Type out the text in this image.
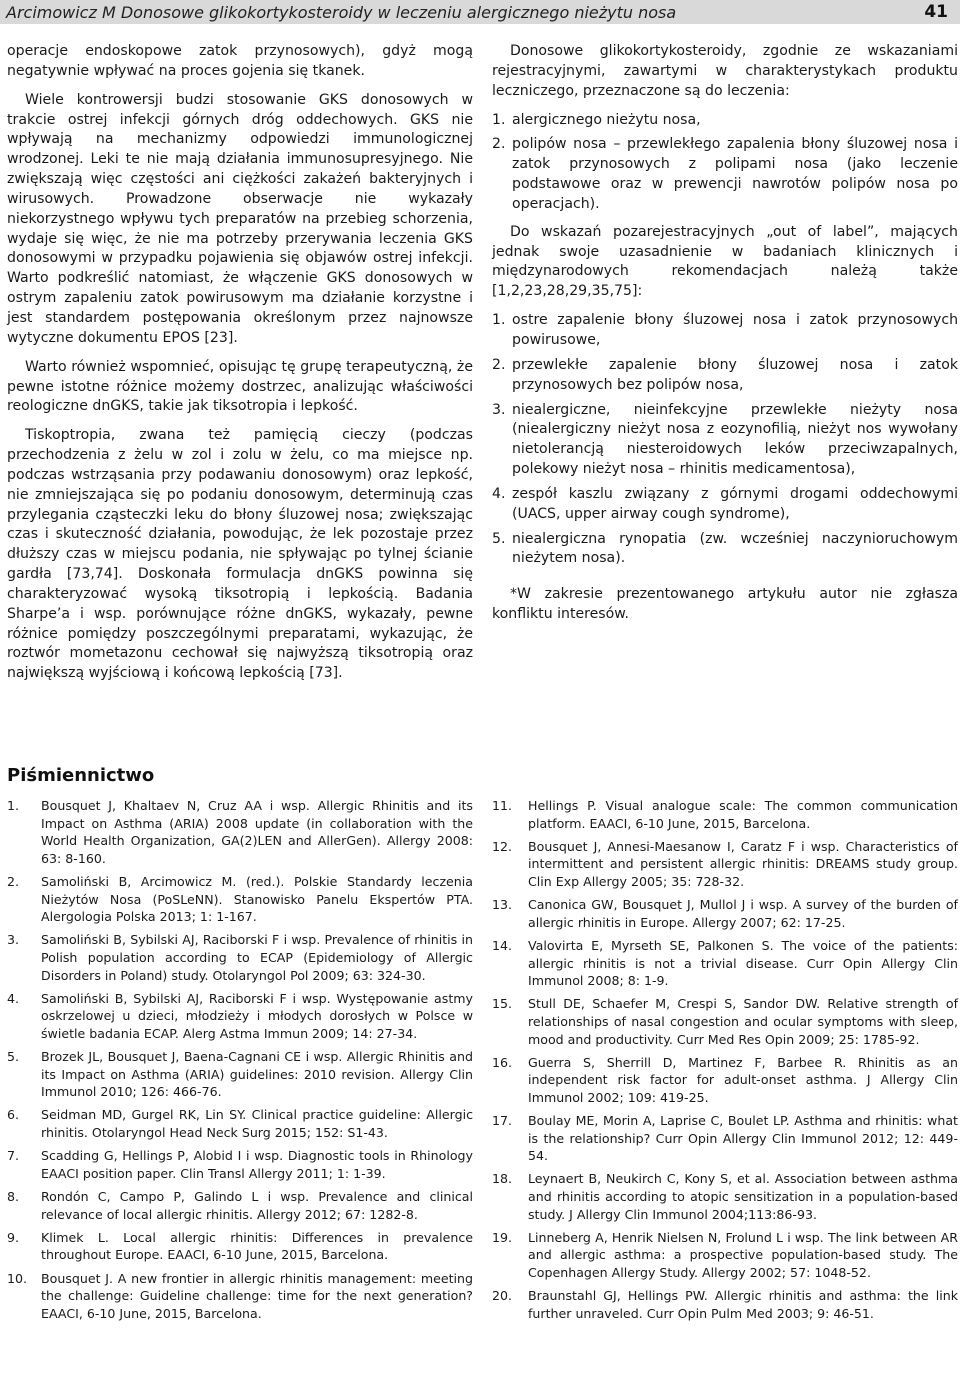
Arcimowicz M Donosowe glikokortykosteroidy w leczeniu alergicznego nieżytu nosa	41

operacje endoskopowe zatok przynosowych), gdyż mogą negatywnie wpływać na proces gojenia się tkanek.

Wiele kontrowersji budzi stosowanie GKS donosowych w trakcie ostrej infekcji górnych dróg oddechowych. GKS nie wpływają na mechanizmy odpowiedzi immunologicznej wrodzonej. Leki te nie mają działania immunosupresyjnego. Nie zwiększają więc częstości ani ciężkości zakażeń bakteryjnych i wirusowych. Prowadzone obserwacje nie wykazały niekorzystnego wpływu tych preparatów na przebieg schorzenia, wydaje się więc, że nie ma potrzeby przerywania leczenia GKS donosowymi w przypadku pojawienia się objawów ostrej infekcji. Warto podkreślić natomiast, że włączenie GKS donosowych w ostrym zapaleniu zatok powirusowym ma działanie korzystne i jest standardem postępowania określonym przez najnowsze wytyczne dokumentu EPOS [23].

Warto również wspomnieć, opisując tę grupę terapeutyczną, że pewne istotne różnice możemy dostrzec, analizując właściwości reologiczne dnGKS, takie jak tiksotropia i lepkość.

Tiskoptropia, zwana też pamięcią cieczy (podczas przechodzenia z żelu w zol i zolu w żelu, co ma miejsce np. podczas wstrząsania przy podawaniu donosowym) oraz lepkość, nie zmniejszająca się po podaniu donosowym, determinują czas przylegania cząsteczki leku do błony śluzowej nosa; zwiększając czas i skuteczność działania, powodując, że lek pozostaje przez dłuższy czas w miejscu podania, nie spływając po tylnej ścianie gardła [73,74]. Doskonała formulacja dnGKS powinna się charakteryzować wysoką tiksotropią i lepkością. Badania Sharpe’a i wsp. porównujące różne dnGKS, wykazały, pewne różnice pomiędzy poszczególnymi preparatami, wykazując, że roztwór mometazonu cechował się najwyższą tiksotropią oraz największą wyjściową i końcową lepkością [73].

Donosowe glikokortykosteroidy, zgodnie ze wskazaniami rejestracyjnymi, zawartymi w charakterystykach produktu leczniczego, przeznaczone są do leczenia:

1. alergicznego nieżytu nosa,
2. polipów nosa – przewlekłego zapalenia błony śluzowej nosa i zatok przynosowych z polipami nosa (jako leczenie podstawowe oraz w prewencji nawrotów polipów nosa po operacjach).

Do wskazań pozarejestracyjnych „out of label”, mających jednak swoje uzasadnienie w badaniach klinicznych i międzynarodowych rekomendacjach należą także [1,2,23,28,29,35,75]:

1. ostre zapalenie błony śluzowej nosa i zatok przynosowych powirusowe,
2. przewlekłe zapalenie błony śluzowej nosa i zatok przynosowych bez polipów nosa,
3. niealergiczne, nieinfekcyjne przewlekłe nieżyty nosa (niealergiczny nieżyt nosa z eozynofilią, nieżyt nos wywołany nietolerancją niesteroidowych leków przeciwzapalnych, polekowy nieżyt nosa – rhinitis medicamentosa),
4. zespół kaszlu związany z górnymi drogami oddechowymi (UACS, upper airway cough syndrome),
5. niealergiczna rynopatia (zw. wcześniej naczynioruchowym nieżytem nosa).

*W zakresie prezentowanego artykułu autor nie zgłasza konfliktu interesów.

Piśmiennictwo
1.	Bousquet J, Khaltaev N, Cruz AA i wsp. Allergic Rhinitis and its Impact on Asthma (ARIA) 2008 update (in collaboration with the World Health Organization, GA(2)LEN and AllerGen). Allergy 2008: 63: 8-160.
2.	Samoliński B, Arcimowicz M. (red.). Polskie Standardy leczenia Nieżytów Nosa (PoSLeNN). Stanowisko Panelu Ekspertów PTA. Alergologia Polska 2013; 1: 1-167.
3.	Samoliński B, Sybilski AJ, Raciborski F i wsp. Prevalence of rhinitis in Polish population according to ECAP (Epidemiology of Allergic Disorders in Poland) study. Otolaryngol Pol 2009; 63: 324-30.
4.	Samoliński B, Sybilski AJ, Raciborski F i wsp. Występowanie astmy oskrzelowej u dzieci, młodzieży i młodych dorosłych w Polsce w świetle badania ECAP. Alerg Astma Immun 2009; 14: 27-34.
5.	Brozek JL, Bousquet J, Baena-Cagnani CE i wsp. Allergic Rhinitis and its Impact on Asthma (ARIA) guidelines: 2010 revision. Allergy Clin Immunol 2010; 126: 466-76.
6.	Seidman MD, Gurgel RK, Lin SY. Clinical practice guideline: Allergic rhinitis. Otolaryngol Head Neck Surg 2015; 152: S1-43.
7.	Scadding G, Hellings P, Alobid I i wsp. Diagnostic tools in Rhinology EAACI position paper. Clin Transl Allergy 2011; 1: 1-39.
8.	Rondón C, Campo P, Galindo L i wsp. Prevalence and clinical relevance of local allergic rhinitis. Allergy 2012; 67: 1282-8.
9.	Klimek L. Local allergic rhinitis: Differences in prevalence throughout Europe. EAACI, 6-10 June, 2015, Barcelona.
10.	Bousquet J. A new frontier in allergic rhinitis management: meeting the challenge: Guideline challenge: time for the next generation? EAACI, 6-10 June, 2015, Barcelona.
11.	Hellings P. Visual analogue scale: The common communication platform. EAACI, 6-10 June, 2015, Barcelona.
12.	Bousquet J, Annesi-Maesanow I, Caratz F i wsp. Characteristics of intermittent and persistent allergic rhinitis: DREAMS study group. Clin Exp Allergy 2005; 35: 728-32.
13.	Canonica GW, Bousquet J, Mullol J i wsp. A survey of the burden of allergic rhinitis in Europe. Allergy 2007; 62: 17-25.
14.	Valovirta E, Myrseth SE, Palkonen S. The voice of the patients: allergic rhinitis is not a trivial disease. Curr Opin Allergy Clin Immunol 2008; 8: 1-9.
15.	Stull DE, Schaefer M, Crespi S, Sandor DW. Relative strength of relationships of nasal congestion and ocular symptoms with sleep, mood and productivity. Curr Med Res Opin 2009; 25: 1785-92.
16.	Guerra S, Sherrill D, Martinez F, Barbee R. Rhinitis as an independent risk factor for adult-onset asthma. J Allergy Clin Immunol 2002; 109: 419-25.
17.	Boulay ME, Morin A, Laprise C, Boulet LP. Asthma and rhinitis: what is the relationship? Curr Opin Allergy Clin Immunol 2012; 12: 449-54.
18.	Leynaert B, Neukirch C, Kony S, et al. Association between asthma and rhinitis according to atopic sensitization in a population-based study. J Allergy Clin Immunol 2004;113:86-93.
19.	Linneberg A, Henrik Nielsen N, Frolund L i wsp. The link between AR and allergic asthma: a prospective population-based study. The Copenhagen Allergy Study. Allergy 2002; 57: 1048-52.
20.	Braunstahl GJ, Hellings PW. Allergic rhinitis and asthma: the link further unraveled. Curr Opin Pulm Med 2003; 9: 46-51.
